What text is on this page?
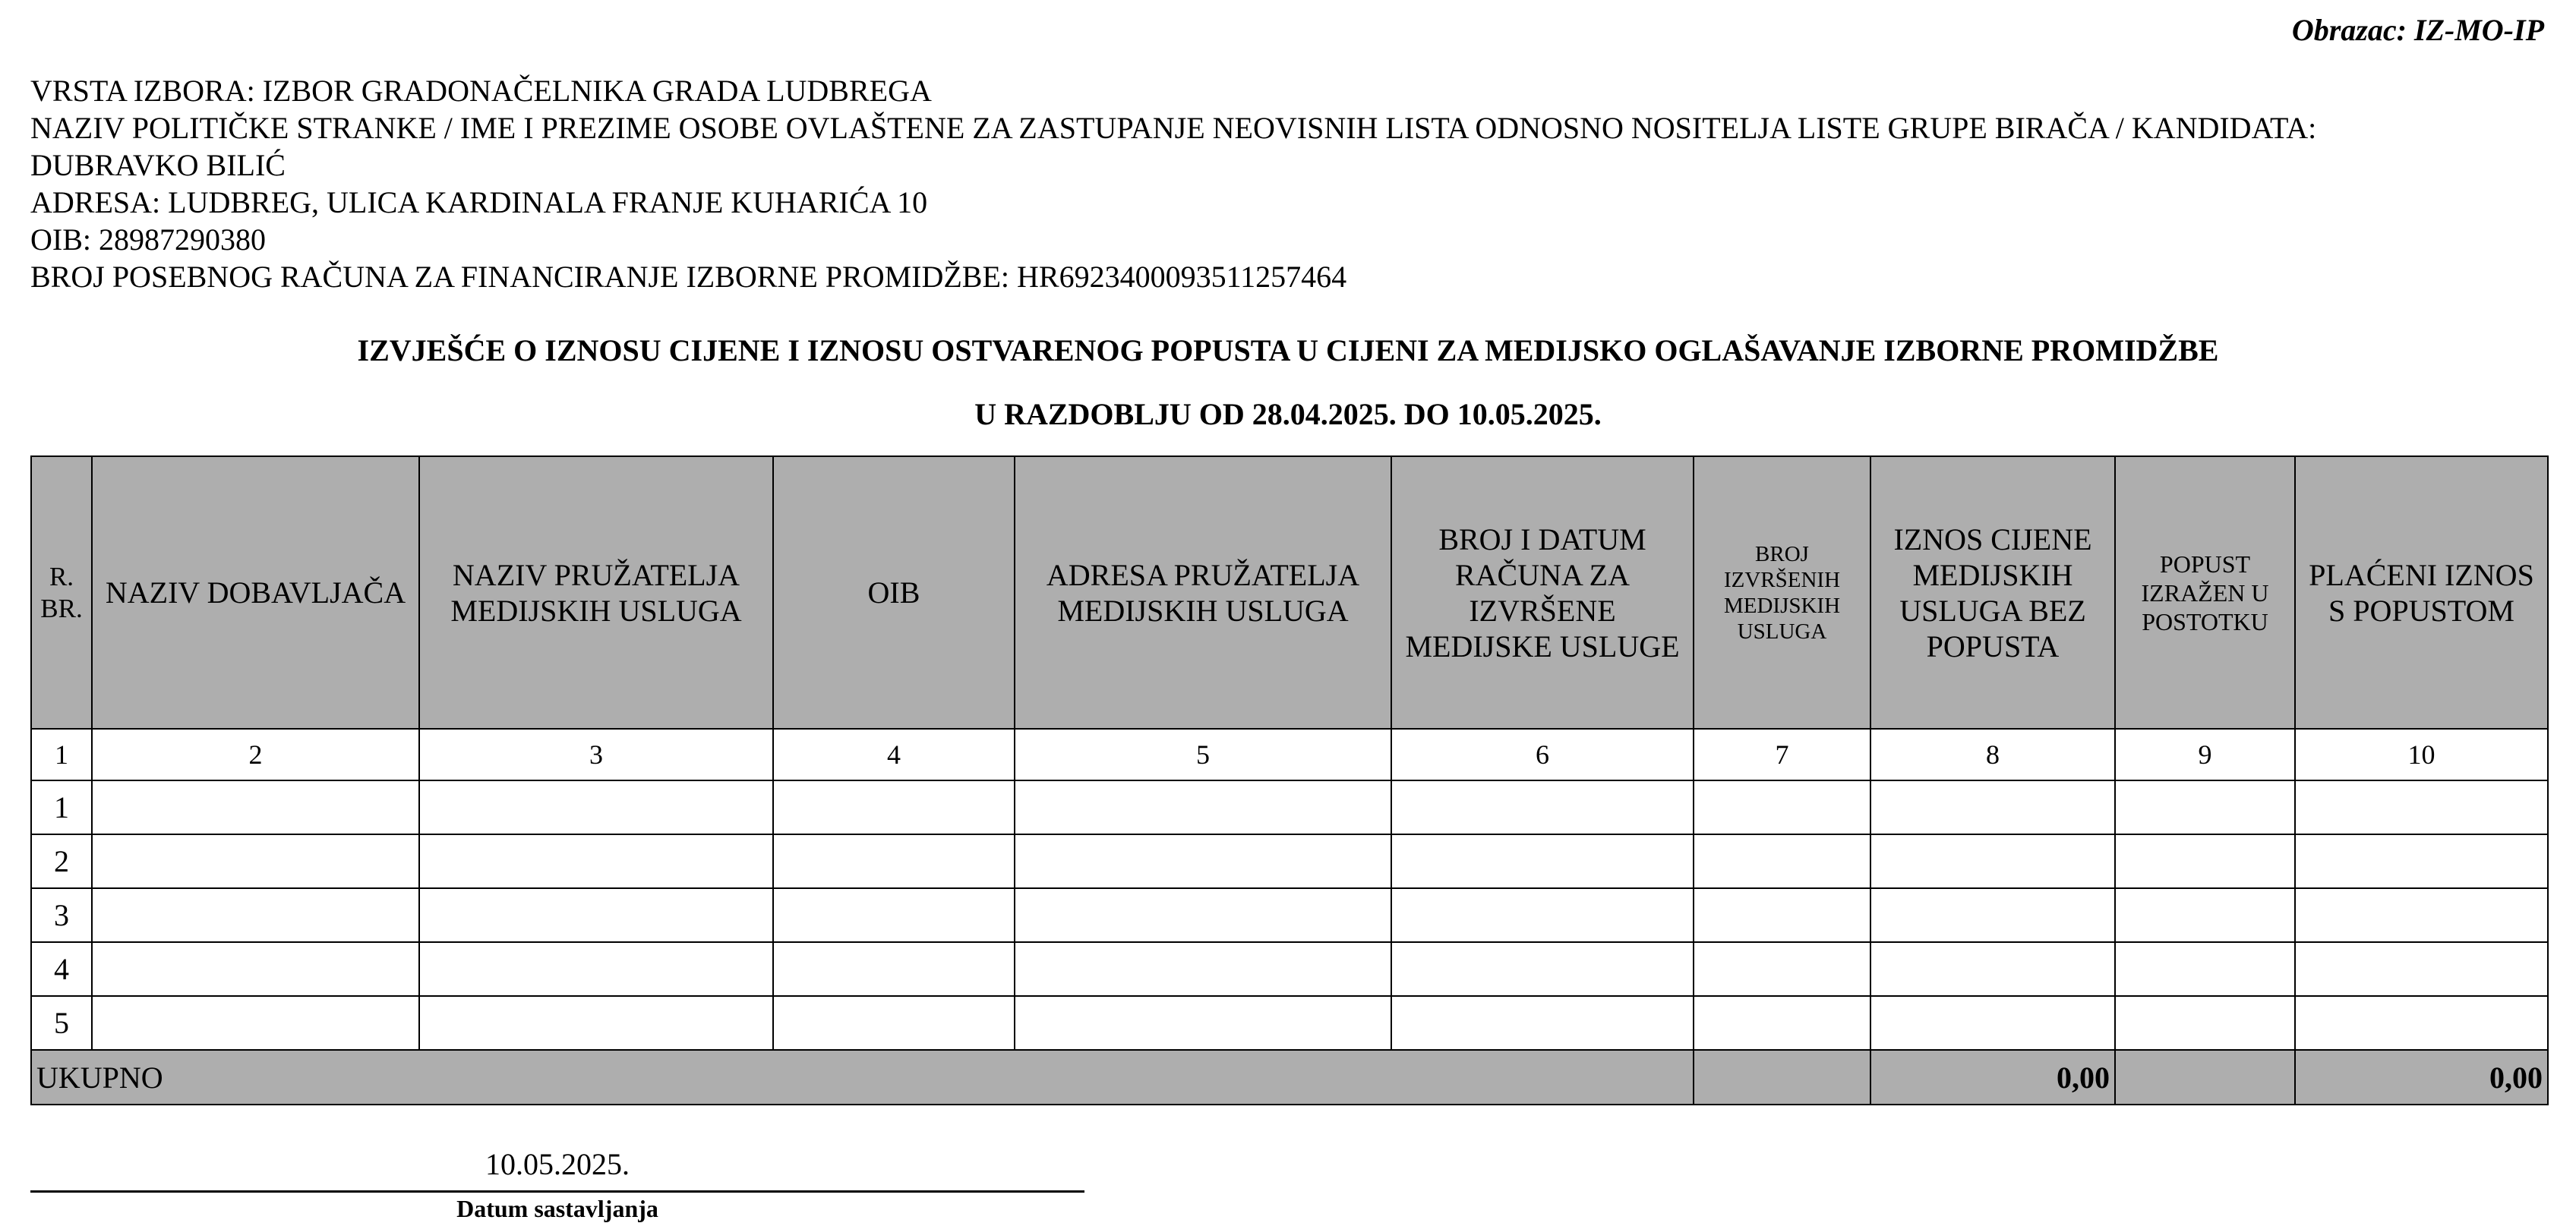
Obrazac: IZ-MO-IP
VRSTA IZBORA: IZBOR GRADONAČELNIKA GRADA LUDBREGA
NAZIV POLITIČKE STRANKE / IME I PREZIME OSOBE OVLAŠTENE ZA ZASTUPANJE NEOVISNIH LISTA ODNOSNO NOSITELJA LISTE GRUPE BIRAČA / KANDIDATA:
DUBRAVKO BILIĆ
ADRESA: LUDBREG, ULICA KARDINALA FRANJE KUHARIĆA 10
OIB: 28987290380
BROJ POSEBNOG RAČUNA ZA FINANCIRANJE IZBORNE PROMIDŽBE: HR6923400093511257464
IZVJEŠĆE O IZNOSU CIJENE I IZNOSU OSTVARENOG POPUSTA U CIJENI ZA MEDIJSKO OGLAŠAVANJE IZBORNE PROMIDŽBE
U RAZDOBLJU OD 28.04.2025. DO 10.05.2025.
R. BR.	NAZIV DOBAVLJAČA	NAZIV PRUŽATELJA MEDIJSKIH USLUGA	OIB	ADRESA PRUŽATELJA MEDIJSKIH USLUGA	BROJ I DATUM RAČUNA ZA IZVRŠENE MEDIJSKE USLUGE	BROJ IZVRŠENIH MEDIJSKIH USLUGA	IZNOS CIJENE MEDIJSKIH USLUGA BEZ POPUSTA	POPUST IZRAŽEN U POSTOTKU	PLAĆENI IZNOS S POPUSTOM
1	2	3	4	5	6	7	8	9	10
1									
2									
3									
4									
5									
UKUPNO							0,00		0,00
10.05.2025.
Datum sastavljanja
